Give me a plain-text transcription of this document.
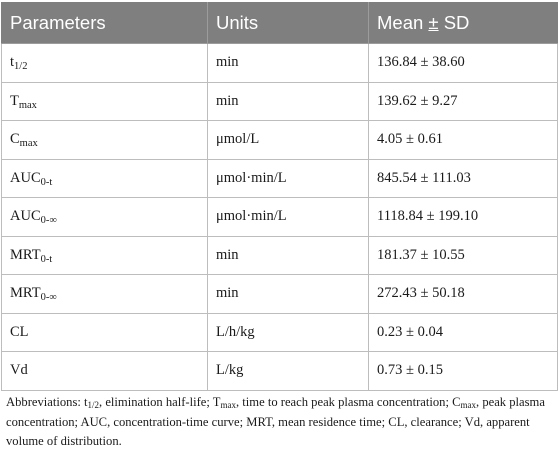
Parameters	Units	Mean ± SD
$t_{1/2}$	min	136.84 ± 38.60
$T_{max}$	min	139.62 ± 9.27
$C_{max}$	μmol/L	4.05 ± 0.61
$AUC_{0-t}$	μmol·min/L	845.54 ± 111.03
$AUC_{0-\infty}$	μmol·min/L	1118.84 ± 199.10
$MRT_{0-t}$	min	181.37 ± 10.55
$MRT_{0-\infty}$	min	272.43 ± 50.18
CL	L/h/kg	0.23 ± 0.04
Vd	L/kg	0.73 ± 0.15
Abbreviations: $t_{1/2}$, elimination half-life; $T_{max}$, time to reach peak plasma concentration; $C_{max}$, peak plasma concentration; AUC, concentration-time curve; MRT, mean residence time; CL, clearance; Vd, apparent volume of distribution.
